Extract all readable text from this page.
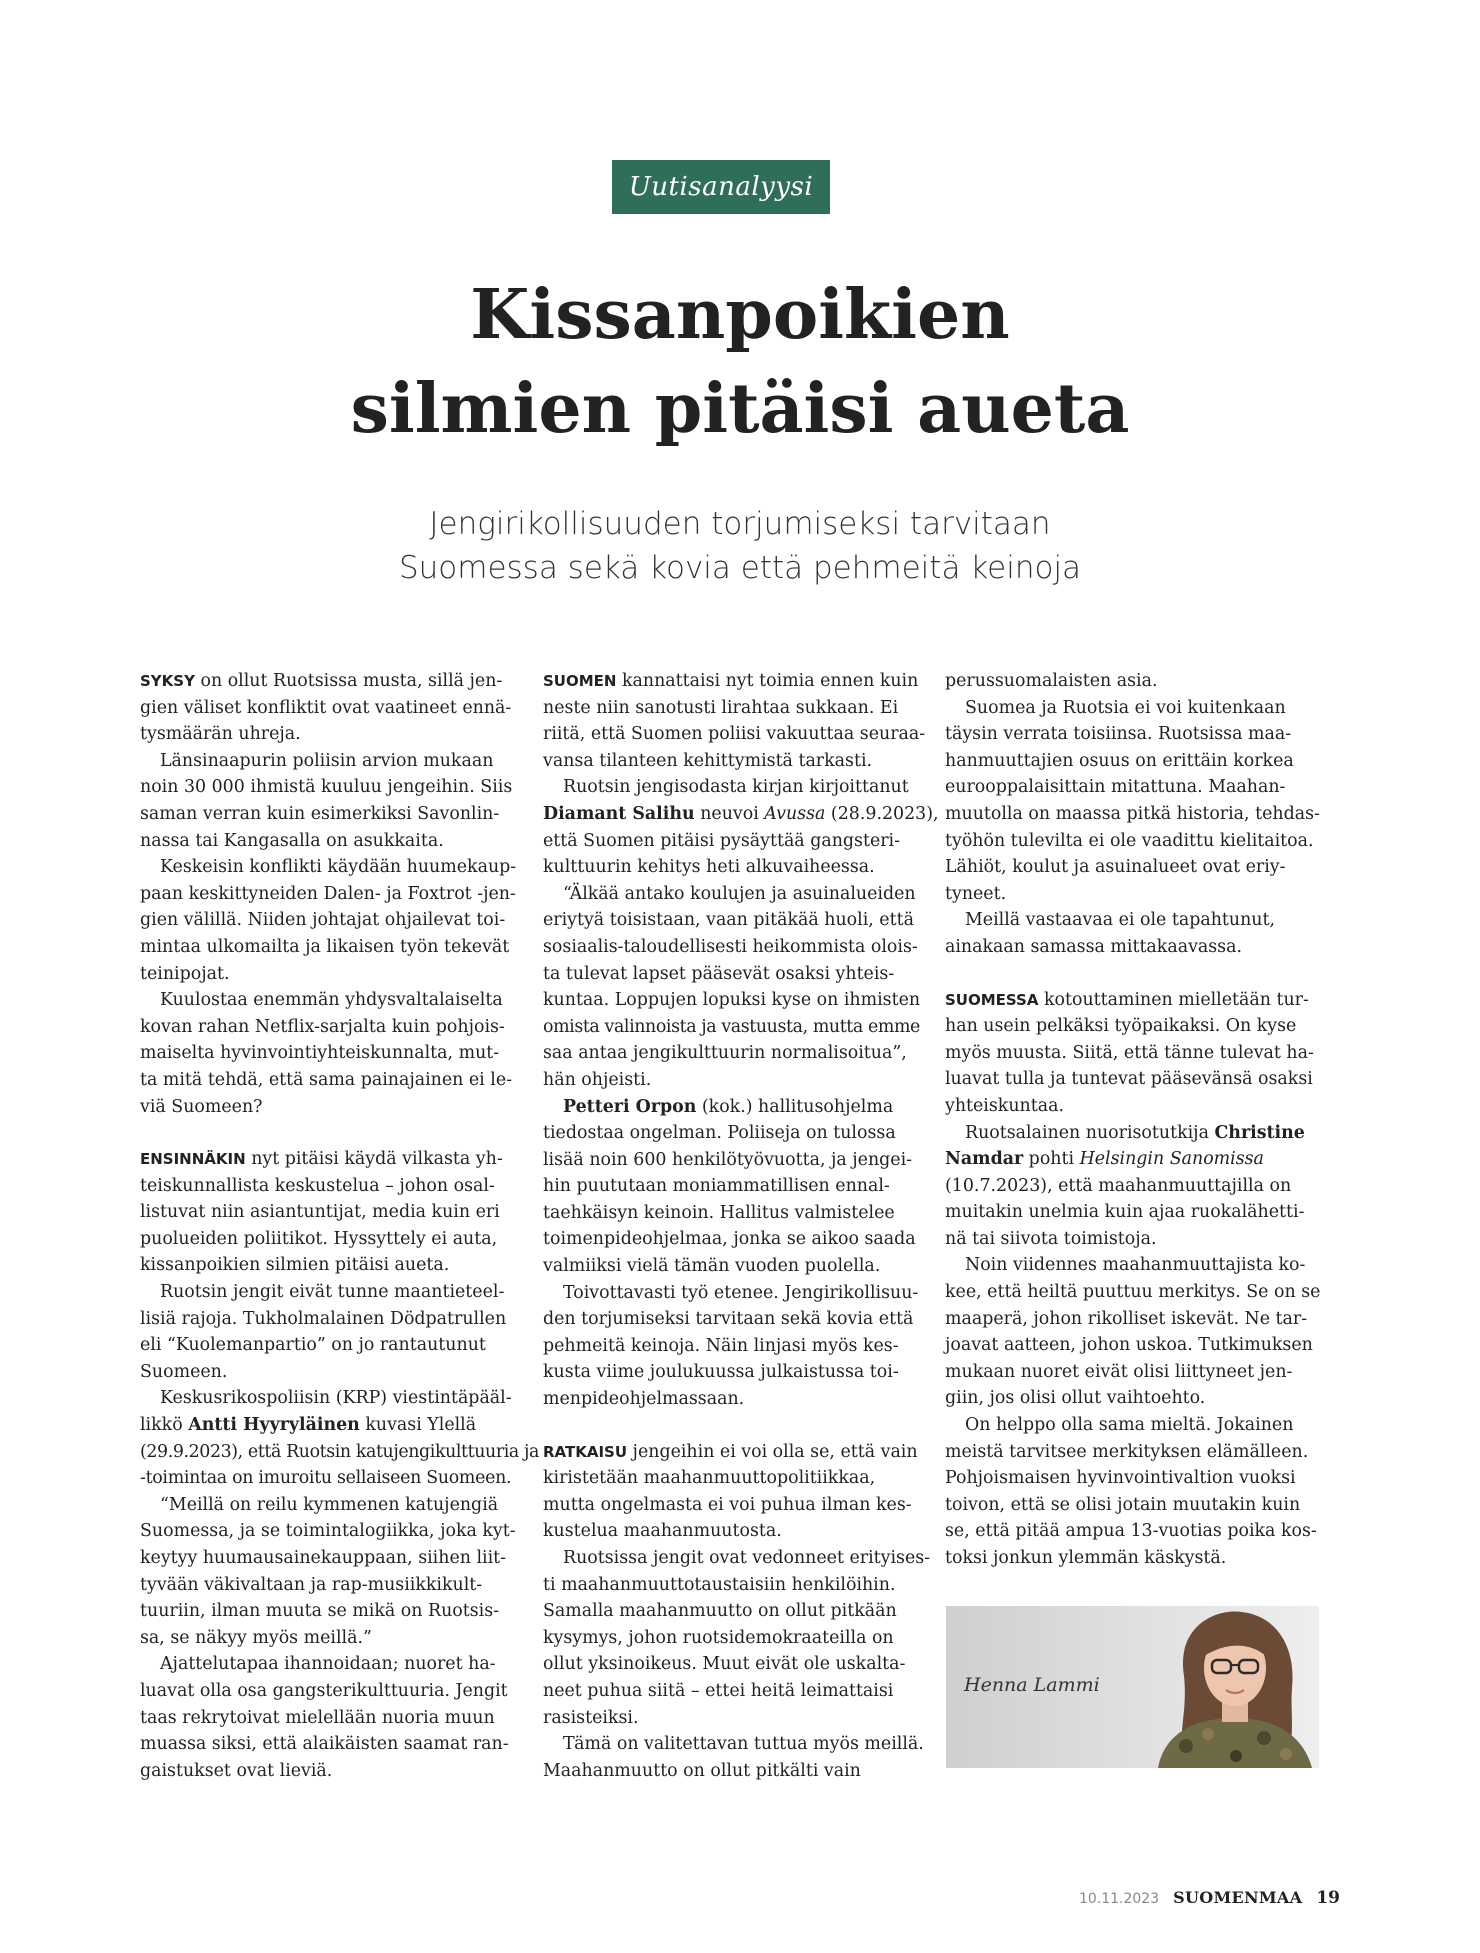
Uutisanalyysi
Kissanpoikien
silmien pitäisi aueta

Jengirikollisuuden torjumiseksi tarvitaan
Suomessa sekä kovia että pehmeitä keinoja

SYKSY on ollut Ruotsissa musta, sillä jen-
gien väliset konfliktit ovat vaatineet ennä-
tysmäärän uhreja.
Länsinaapurin poliisin arvion mukaan
noin 30 000 ihmistä kuuluu jengeihin. Siis
saman verran kuin esimerkiksi Savonlin-
nassa tai Kangasalla on asukkaita.
Keskeisin konflikti käydään huumekaup-
paan keskittyneiden Dalen- ja Foxtrot -jen-
gien välillä. Niiden johtajat ohjailevat toi-
mintaa ulkomailta ja likaisen työn tekevät
teinipojat.
Kuulostaa enemmän yhdysvaltalaiselta
kovan rahan Netflix-sarjalta kuin pohjois-
maiselta hyvinvointiyhteiskunnalta, mut-
ta mitä tehdä, että sama painajainen ei le-
viä Suomeen?
ENSINNÄKIN nyt pitäisi käydä vilkasta yh-
teiskunnallista keskustelua – johon osal-
listuvat niin asiantuntijat, media kuin eri
puolueiden poliitikot. Hyssyttely ei auta,
kissanpoikien silmien pitäisi aueta.
Ruotsin jengit eivät tunne maantieteel-
lisiä rajoja. Tukholmalainen Dödpatrullen
eli “Kuolemanpartio” on jo rantautunut
Suomeen.
Keskusrikospoliisin (KRP) viestintäpääl-
likkö Antti Hyyryläinen kuvasi Ylellä
(29.9.2023), että Ruotsin katujengikulttuuria ja
-toimintaa on imuroitu sellaiseen Suomeen.
“Meillä on reilu kymmenen katujengiä
Suomessa, ja se toimintalogiikka, joka kyt-
keytyy huumausainekauppaan, siihen liit-
tyvään väkivaltaan ja rap-musiikkikult-
tuuriin, ilman muuta se mikä on Ruotsis-
sa, se näkyy myös meillä.”
Ajattelutapaa ihannoidaan; nuoret ha-
luavat olla osa gangsterikulttuuria. Jengit
taas rekrytoivat mielellään nuoria muun
muassa siksi, että alaikäisten saamat ran-
gaistukset ovat lieviä.
SUOMEN kannattaisi nyt toimia ennen kuin
neste niin sanotusti lirahtaa sukkaan. Ei
riitä, että Suomen poliisi vakuuttaa seuraa-
vansa tilanteen kehittymistä tarkasti.
Ruotsin jengisodasta kirjan kirjoittanut
Diamant Salihu neuvoi Avussa (28.9.2023),
että Suomen pitäisi pysäyttää gangsteri-
kulttuurin kehitys heti alkuvaiheessa.
“Älkää antako koulujen ja asuinalueiden
eriytyä toisistaan, vaan pitäkää huoli, että
sosiaalis-taloudellisesti heikommista olois-
ta tulevat lapset pääsevät osaksi yhteis-
kuntaa. Loppujen lopuksi kyse on ihmisten
omista valinnoista ja vastuusta, mutta emme
saa antaa jengikulttuurin normalisoitua”,
hän ohjeisti.
Petteri Orpon (kok.) hallitusohjelma
tiedostaa ongelman. Poliiseja on tulossa
lisää noin 600 henkilötyövuotta, ja jengei-
hin puututaan moniammatillisen ennal-
taehkäisyn keinoin. Hallitus valmistelee
toimenpideohjelmaa, jonka se aikoo saada
valmiiksi vielä tämän vuoden puolella.
Toivottavasti työ etenee. Jengirikollisuu-
den torjumiseksi tarvitaan sekä kovia että
pehmeitä keinoja. Näin linjasi myös kes-
kusta viime joulukuussa julkaistussa toi-
menpideohjelmassaan.
RATKAISU jengeihin ei voi olla se, että vain
kiristetään maahanmuuttopolitiikkaa,
mutta ongelmasta ei voi puhua ilman kes-
kustelua maahanmuutosta.
Ruotsissa jengit ovat vedonneet erityises-
ti maahanmuuttotaustaisiin henkilöihin.
Samalla maahanmuutto on ollut pitkään
kysymys, johon ruotsidemokraateilla on
ollut yksinoikeus. Muut eivät ole uskalta-
neet puhua siitä – ettei heitä leimattaisi
rasisteiksi.
Tämä on valitettavan tuttua myös meillä.
Maahanmuutto on ollut pitkälti vain
perussuomalaisten asia.
Suomea ja Ruotsia ei voi kuitenkaan
täysin verrata toisiinsa. Ruotsissa maa-
hanmuuttajien osuus on erittäin korkea
eurooppalaisittain mitattuna. Maahan-
muutolla on maassa pitkä historia, tehdas-
työhön tulevilta ei ole vaadittu kielitaitoa.
Lähiöt, koulut ja asuinalueet ovat eriy-
tyneet.
Meillä vastaavaa ei ole tapahtunut,
ainakaan samassa mittakaavassa.
SUOMESSA kotouttaminen mielletään tur-
han usein pelkäksi työpaikaksi. On kyse
myös muusta. Siitä, että tänne tulevat ha-
luavat tulla ja tuntevat pääsevänsä osaksi
yhteiskuntaa.
Ruotsalainen nuorisotutkija Christine
Namdar pohti Helsingin Sanomissa
(10.7.2023), että maahanmuuttajilla on
muitakin unelmia kuin ajaa ruokalähetti-
nä tai siivota toimistoja.
Noin viidennes maahanmuuttajista ko-
kee, että heiltä puuttuu merkitys. Se on se
maaperä, johon rikolliset iskevät. Ne tar-
joavat aatteen, johon uskoa. Tutkimuksen
mukaan nuoret eivät olisi liittyneet jen-
giin, jos olisi ollut vaihtoehto.
On helppo olla sama mieltä. Jokainen
meistä tarvitsee merkityksen elämälleen.
Pohjoismaisen hyvinvointivaltion vuoksi
toivon, että se olisi jotain muutakin kuin
se, että pitää ampua 13-vuotias poika kos-
toksi jonkun ylemmän käskystä.
Henna Lammi
10.11.2023 SUOMENMAA 19
